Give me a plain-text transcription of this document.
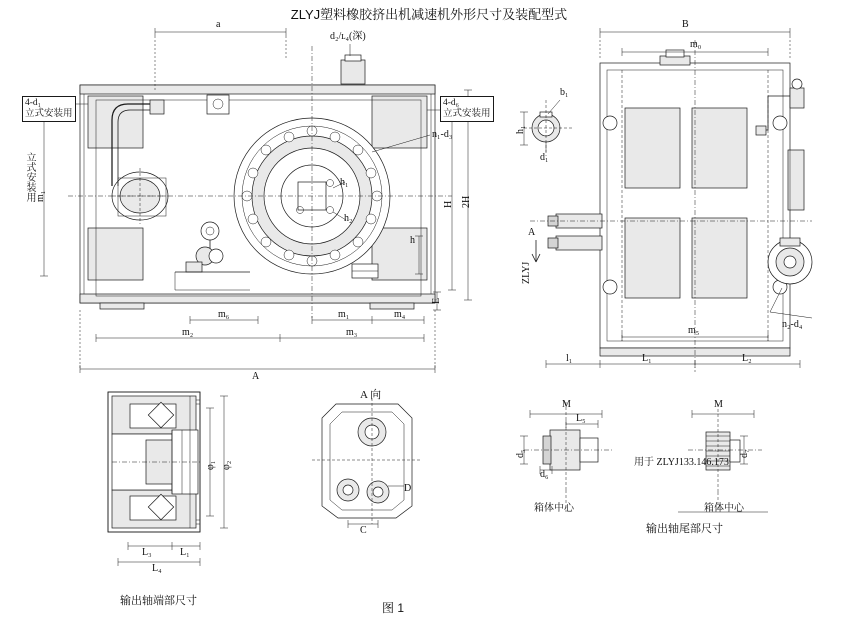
ZLYJ塑料橡胶挤出机减速机外形尺寸及装配型式
a
A
d₂/ʟ₄(深)
n₁-d₃
4-d₁
立式安装用
4-d₆
立式安装用
立式安装用 m₁
m₆	m₁	m₄
m₂	m₃
H 2H
h
E
h₁
h₂
B
m₀
m₅
b₁
h₁
d₁
A
ZLYJ
n₂-d₄
l₁	L₁	L₂
φ₁ φ₂
L₃	L₁
L₄
输出轴端部尺寸
A 向
C
D
M
L₅
d₅
d₆
箱体中心
M
d₇
用于 ZLYJ133.146.173
箱体中心
输出轴尾部尺寸
图 1
